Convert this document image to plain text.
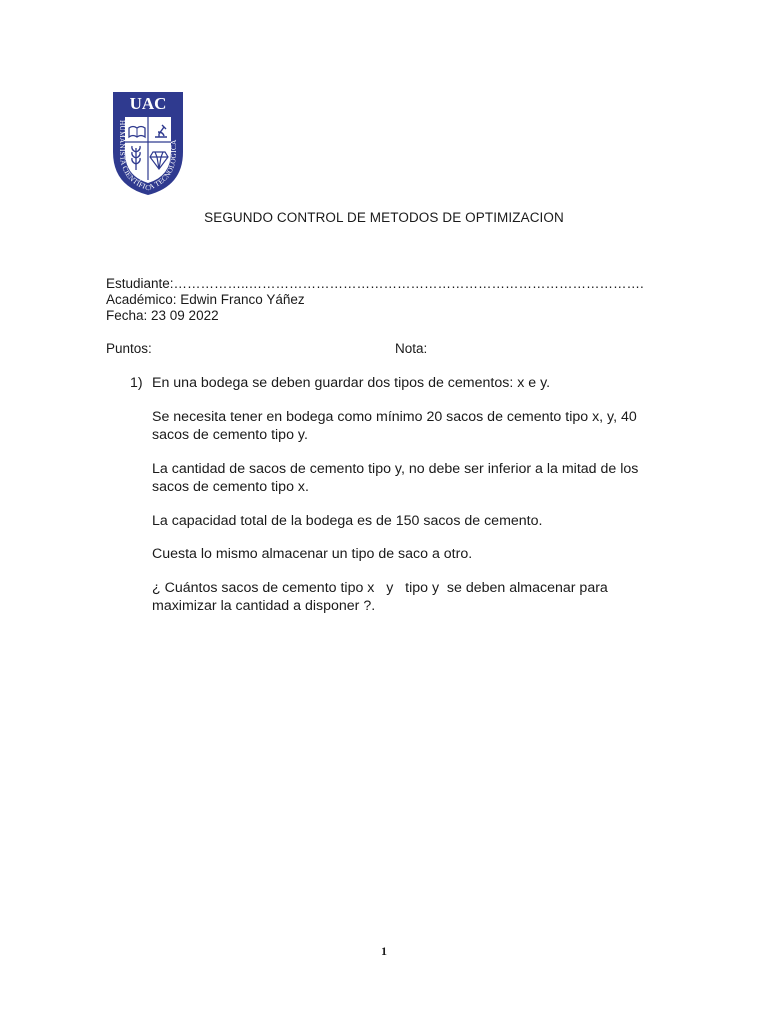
UAC
HUMANISTA CIENTÍFICA TECNOLÓGICA
SEGUNDO CONTROL DE METODOS DE OPTIMIZACION
Estudiante:……………..…………………………………………………………………………….
Académico: Edwin Franco Yáñez
Fecha: 23 09 2022
Puntos:	Nota:
1) En una bodega se deben guardar dos tipos de cementos: x e y.

Se necesita tener en bodega como mínimo 20 sacos de cemento tipo x, y, 40 sacos de cemento tipo y.

La cantidad de sacos de cemento tipo y, no debe ser inferior a la mitad de los sacos de cemento tipo x.

La capacidad total de la bodega es de 150 sacos de cemento.

Cuesta lo mismo almacenar un tipo de saco a otro.

¿ Cuántos sacos de cemento tipo x   y   tipo y  se deben almacenar para maximizar la cantidad a disponer ?.

1
